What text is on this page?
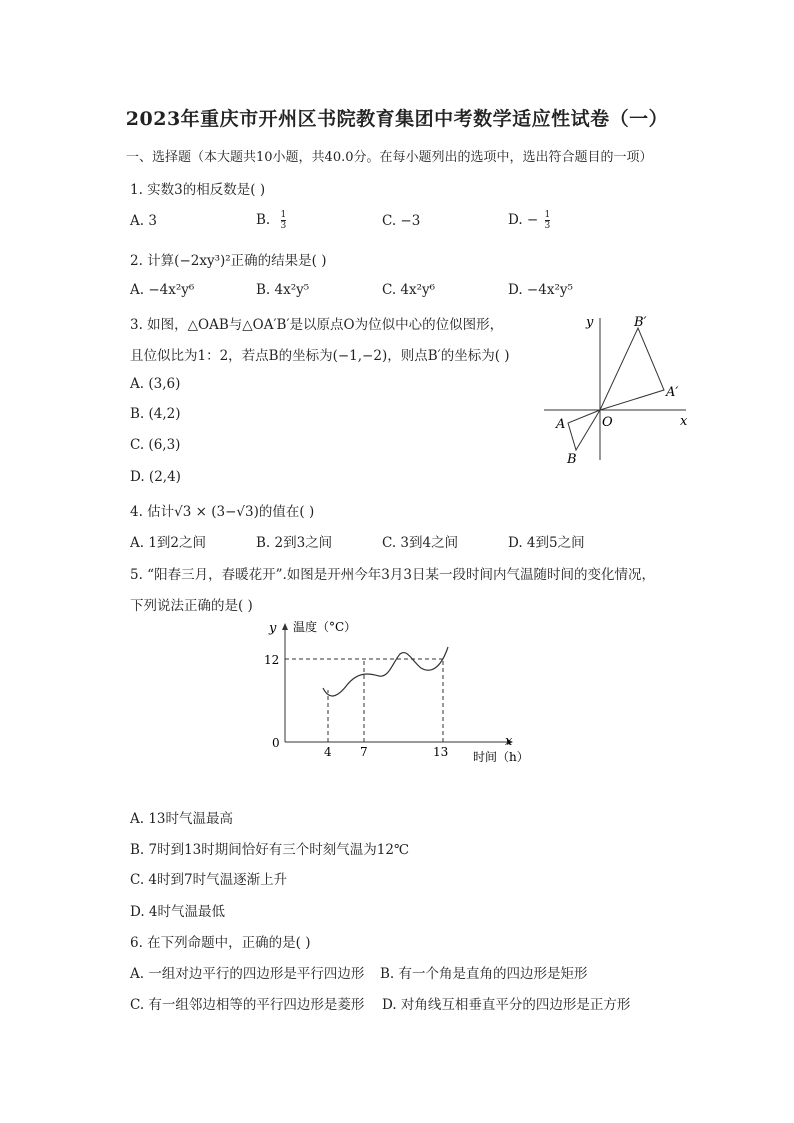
2023年重庆市开州区书院教育集团中考数学适应性试卷（一）
一、选择题（本大题共10小题，共40.0分。在每小题列出的选项中，选出符合题目的一项）
1. 实数3的相反数是( )
A. 3	B. $\frac{1}{3}$	C. −3	D. − $\frac{1}{3}$
2. 计算(−2xy³)²正确的结果是( )
A. −4x²y⁶	B. 4x²y⁵	C. 4x²y⁶	D. −4x²y⁵
3. 如图，△OAB与△OA′B′是以原点O为位似中心的位似图形，
且位似比为1：2，若点B的坐标为(−1,−2)，则点B′的坐标为( )
A. (3,6)
B. (4,2)
C. (6,3)
D. (2,4)
y
x
O
A
B
A′
B′
4. 估计√3 × (3−√3)的值在( )
A. 1到2之间	B. 2到3之间	C. 3到4之间	D. 4到5之间
5. “阳春三月，春暖花开”.如图是开州今年3月3日某一段时间内气温随时间的变化情况，
下列说法正确的是( )
y 温度（°C）
x
时间（h）
0
12
4 7	13
A. 13时气温最高
B. 7时到13时期间恰好有三个时刻气温为12℃
C. 4时到7时气温逐渐上升
D. 4时气温最低
6. 在下列命题中，正确的是( )
A. 一组对边平行的四边形是平行四边形 B. 有一个角是直角的四边形是矩形
C. 有一组邻边相等的平行四边形是菱形 D. 对角线互相垂直平分的四边形是正方形
